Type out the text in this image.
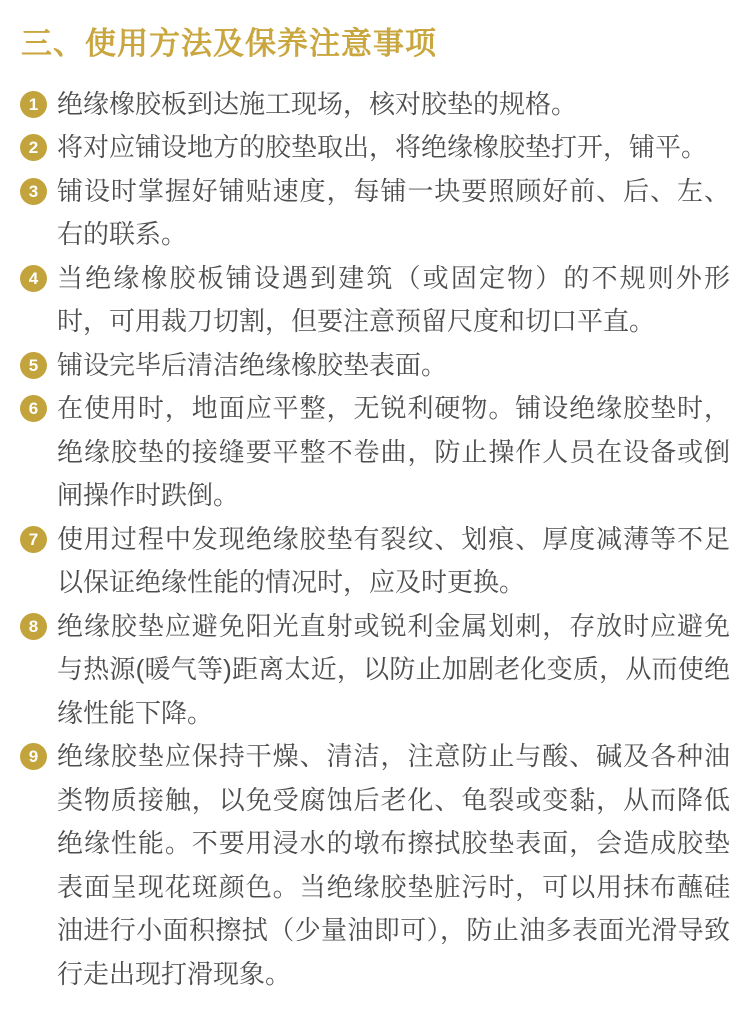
三、使用方法及保养注意事项
1 绝缘橡胶板到达施工现场，核对胶垫的规格。
2 将对应铺设地方的胶垫取出，将绝缘橡胶垫打开，铺平。
3 铺设时掌握好铺贴速度，每铺一块要照顾好前、后、左、右的联系。
4 当绝缘橡胶板铺设遇到建筑（或固定物）的不规则外形时，可用裁刀切割，但要注意预留尺度和切口平直。
5 铺设完毕后清洁绝缘橡胶垫表面。
6 在使用时，地面应平整，无锐利硬物。铺设绝缘胶垫时，绝缘胶垫的接缝要平整不卷曲，防止操作人员在设备或倒闸操作时跌倒。
7 使用过程中发现绝缘胶垫有裂纹、划痕、厚度减薄等不足以保证绝缘性能的情况时，应及时更换。
8 绝缘胶垫应避免阳光直射或锐利金属划刺，存放时应避免与热源(暖气等)距离太近，以防止加剧老化变质，从而使绝缘性能下降。
9 绝缘胶垫应保持干燥、清洁，注意防止与酸、碱及各种油类物质接触，以免受腐蚀后老化、龟裂或变黏，从而降低绝缘性能。不要用浸水的墩布擦拭胶垫表面，会造成胶垫表面呈现花斑颜色。当绝缘胶垫脏污时，可以用抹布蘸硅油进行小面积擦拭（少量油即可），防止油多表面光滑导致行走出现打滑现象。
